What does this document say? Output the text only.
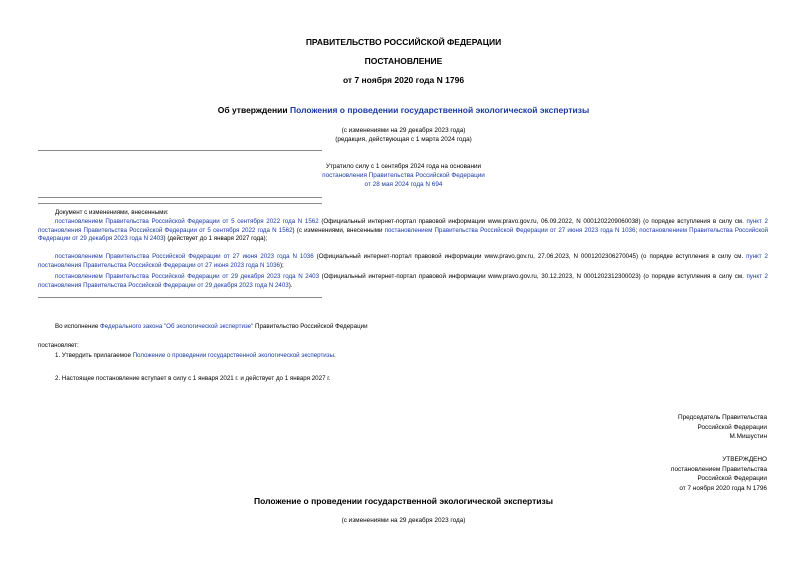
ПРАВИТЕЛЬСТВО РОССИЙСКОЙ ФЕДЕРАЦИИ
ПОСТАНОВЛЕНИЕ
от 7 ноября 2020 года N 1796
Об утверждении Положения о проведении государственной экологической экспертизы
(с изменениями на 29 декабря 2023 года)
(редакция, действующая с 1 марта 2024 года)
Утратило силу с 1 сентября 2024 года на основании
постановления Правительства Российской Федерации
от 28 мая 2024 года N 694
Документ с изменениями, внесенными:
постановлением Правительства Российской Федерации от 5 сентября 2022 года N 1562 (Официальный интернет-портал правовой информации www.pravo.gov.ru, 06.09.2022, N 0001202209060038) (о порядке вступления в силу см. пункт 2 постановления Правительства Российской Федерации от 5 сентября 2022 года N 1562) (с изменениями, внесенными постановлением Правительства Российской Федерации от 27 июня 2023 года N 1036; постановлением Правительства Российской Федерации от 29 декабря 2023 года N 2403) (действует до 1 января 2027 года);
постановлением Правительства Российской Федерации от 27 июня 2023 года N 1036 (Официальный интернет-портал правовой информации www.pravo.gov.ru, 27.06.2023, N 0001202306270045) (о порядке вступления в силу см. пункт 2 постановления Правительства Российской Федерации от 27 июня 2023 года N 1036);
постановлением Правительства Российской Федерации от 29 декабря 2023 года N 2403 (Официальный интернет-портал правовой информации www.pravo.gov.ru, 30.12.2023, N 0001202312300023) (о порядке вступления в силу см. пункт 2 постановления Правительства Российской Федерации от 29 декабря 2023 года N 2403).
Во исполнение Федерального закона "Об экологической экспертизе" Правительство Российской Федерации
постановляет:
1. Утвердить прилагаемое Положение о проведении государственной экологической экспертизы.
2. Настоящее постановление вступает в силу с 1 января 2021 г. и действует до 1 января 2027 г.
Председатель Правительства
Российской Федерации
М.Мишустин
УТВЕРЖДЕНО
постановлением Правительства
Российской Федерации
от 7 ноября 2020 года N 1796
Положение о проведении государственной экологической экспертизы
(с изменениями на 29 декабря 2023 года)
